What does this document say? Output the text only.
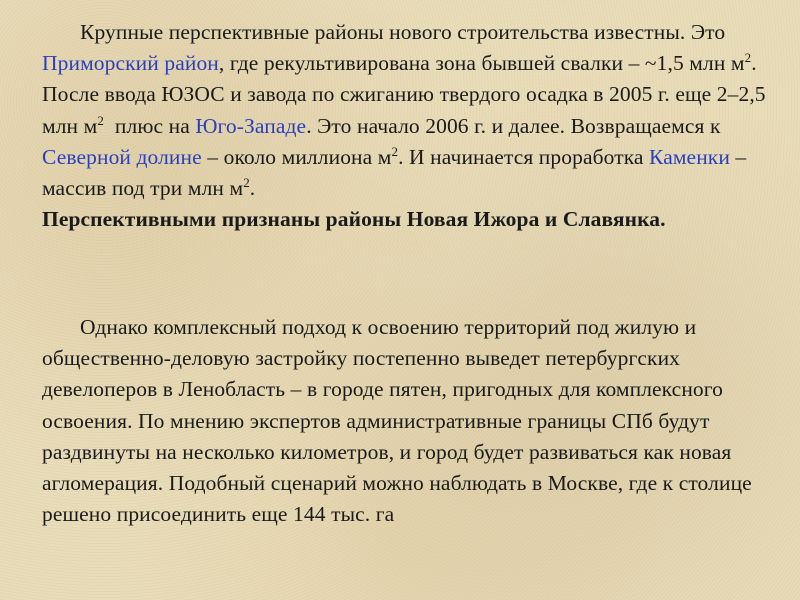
Крупные перспективные районы нового строительства известны. Это Приморский район, где рекультивирована зона бывшей свалки – ~1,5 млн $м^2$. После ввода ЮЗОС и завода по сжиганию твердого осадка в 2005 г. еще 2–2,5 млн $м^2$  плюс на Юго-Западе. Это начало 2006 г. и далее. Возвращаемся к Северной долине – около миллиона $м^2$. И начинается проработка Каменки – массив под три млн $м^2$.
Перспективными признаны районы Новая Ижора и Славянка.

Однако комплексный подход к освоению территорий под жилую и общественно-деловую застройку постепенно выведет петербургских девелоперов в Ленобласть – в городе пятен, пригодных для комплексного освоения. По мнению экспертов административные границы СПб будут раздвинуты на несколько километров, и город будет развиваться как новая агломерация. Подобный сценарий можно наблюдать в Москве, где к столице решено присоединить еще 144 тыс. га
